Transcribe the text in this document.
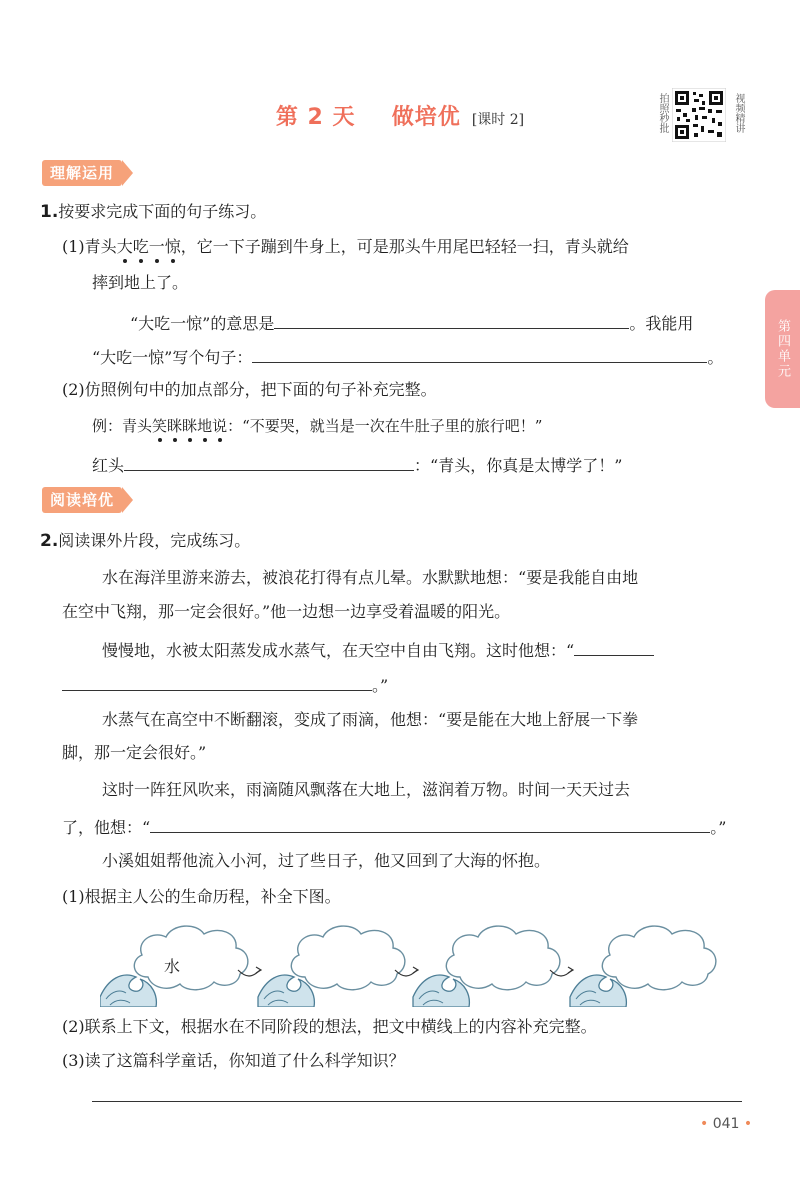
第 2 天 做培优 [课时 2]	拍照秒批	视频精讲
第四单元
理解运用
1.按要求完成下面的句子练习。
(1)青头大吃一惊，它一下子蹦到牛身上，可是那头牛用尾巴轻轻一扫，青头就给
摔到地上了。
“大吃一惊”的意思是	。我能用
“大吃一惊”写个句子：	。
(2)仿照例句中的加点部分，把下面的句子补充完整。
例：青头笑眯眯地说：“不要哭，就当是一次在牛肚子里的旅行吧！”
红头	：“青头，你真是太博学了！”
阅读培优
2.阅读课外片段，完成练习。
水在海洋里游来游去，被浪花打得有点儿晕。水默默地想：“要是我能自由地
在空中飞翔，那一定会很好。”他一边想一边享受着温暖的阳光。
慢慢地，水被太阳蒸发成水蒸气，在天空中自由飞翔。这时他想：“
。”
水蒸气在高空中不断翻滚，变成了雨滴，他想：“要是能在大地上舒展一下拳
脚，那一定会很好。”
这时一阵狂风吹来，雨滴随风飘落在大地上，滋润着万物。时间一天天过去
了，他想：“	。”
小溪姐姐帮他流入小河，过了些日子，他又回到了大海的怀抱。
(1)根据主人公的生命历程，补全下图。
水
(2)联系上下文，根据水在不同阶段的想法，把文中横线上的内容补充完整。
(3)读了这篇科学童话，你知道了什么科学知识？
• 041 •
